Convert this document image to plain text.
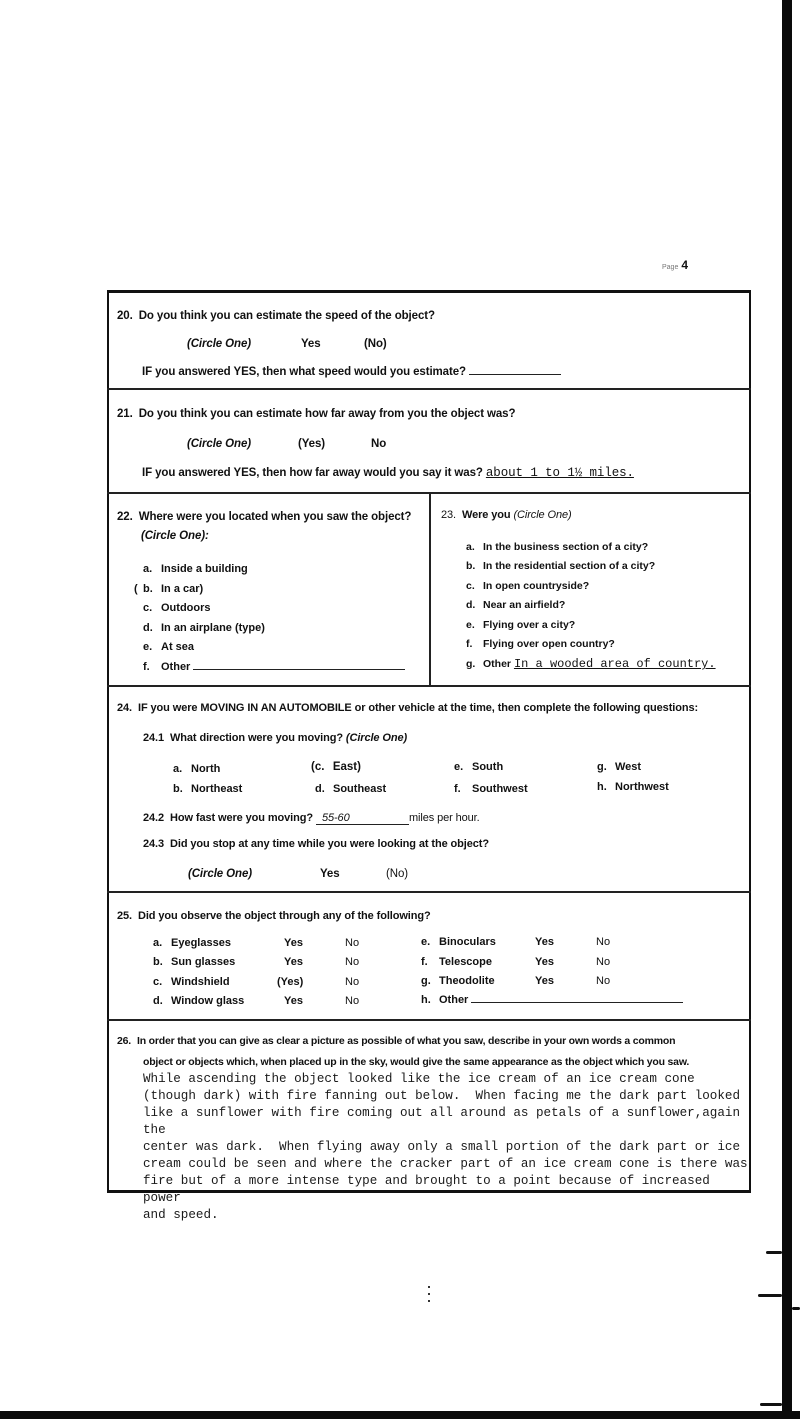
Page 4
20. Do you think you can estimate the speed of the object?
(Circle One)	Yes	( No )
IF you answered YES, then what speed would you estimate?
21. Do you think you can estimate how far away from you the object was?
(Circle One)	( Yes )	No
IF you answered YES, then how far away would you say it was? about 1 to 1½ miles.
22. Where were you located when you saw the object?
(Circle One):
a. Inside a building
( b. In a car)
c. Outdoors
d. In an airplane (type)
e. At sea
f. Other
23. Were you (Circle One)
a. In the business section of a city?
b. In the residential section of a city?
c. In open countryside?
d. Near an airfield?
e. Flying over a city?
f. Flying over open country?
g. Other In a wooded area of country.
24. IF you were MOVING IN AN AUTOMOBILE or other vehicle at the time, then complete the following questions:
24.1 What direction were you moving? (Circle One)
a. North
b. Northeast
( c. East )
d. Southeast
e. South
f. Southwest
g. West
h. Northwest
24.2 How fast were you moving? 55-60	miles per hour.
24.3 Did you stop at any time while you were looking at the object?
(Circle One)	Yes	( No )
25. Did you observe the object through any of the following?
a. Eyeglasses	Yes	No
b. Sun glasses	Yes	No
c. Windshield	( Yes )	No
d. Window glass	Yes	No
e. Binoculars	Yes	No
f. Telescope	Yes	No
g. Theodolite	Yes	No
h. Other
26. In order that you can give as clear a picture as possible of what you saw, describe in your own words a common
object or objects which, when placed up in the sky, would give the same appearance as the object which you saw.
While ascending the object looked like the ice cream of an ice cream cone
(though dark) with fire fanning out below.  When facing me the dark part looked
like a sunflower with fire coming out all around as petals of a sunflower,again the
center was dark.  When flying away only a small portion of the dark part or ice
cream could be seen and where the cracker part of an ice cream cone is there was
fire but of a more intense type and brought to a point because of increased power
and speed.
